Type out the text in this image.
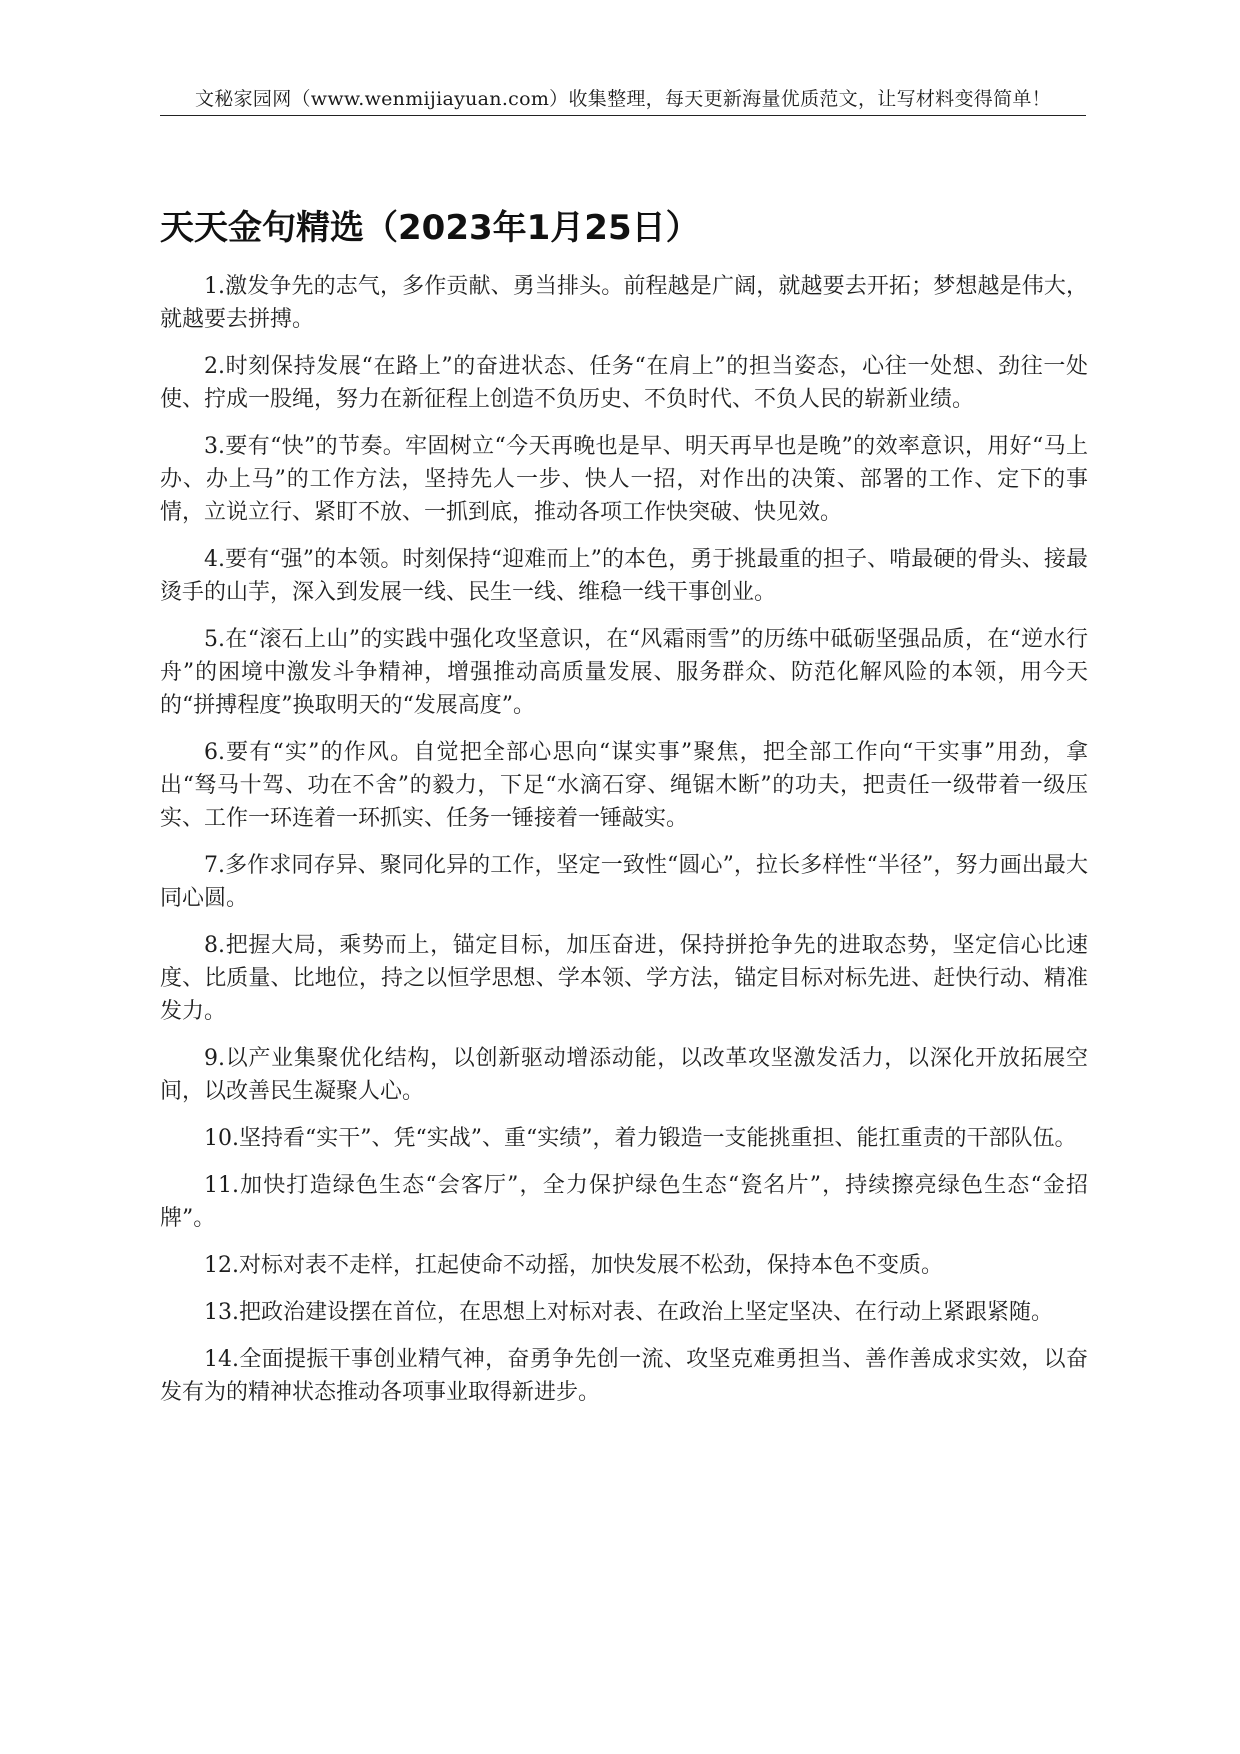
文秘家园网（www.wenmijiayuan.com）收集整理，每天更新海量优质范文，让写材料变得简单！
天天金句精选（2023年1月25日）

1.激发争先的志气，多作贡献、勇当排头。前程越是广阔，就越要去开拓；梦想越是伟大，就越要去拼搏。

2.时刻保持发展“在路上”的奋进状态、任务“在肩上”的担当姿态，心往一处想、劲往一处使、拧成一股绳，努力在新征程上创造不负历史、不负时代、不负人民的崭新业绩。

3.要有“快”的节奏。牢固树立“今天再晚也是早、明天再早也是晚”的效率意识，用好“马上办、办上马”的工作方法，坚持先人一步、快人一招，对作出的决策、部署的工作、定下的事情，立说立行、紧盯不放、一抓到底，推动各项工作快突破、快见效。

4.要有“强”的本领。时刻保持“迎难而上”的本色，勇于挑最重的担子、啃最硬的骨头、接最烫手的山芋，深入到发展一线、民生一线、维稳一线干事创业。

5.在“滚石上山”的实践中强化攻坚意识，在“风霜雨雪”的历练中砥砺坚强品质，在“逆水行舟”的困境中激发斗争精神，增强推动高质量发展、服务群众、防范化解风险的本领，用今天的“拼搏程度”换取明天的“发展高度”。

6.要有“实”的作风。自觉把全部心思向“谋实事”聚焦，把全部工作向“干实事”用劲，拿出“驽马十驾、功在不舍”的毅力，下足“水滴石穿、绳锯木断”的功夫，把责任一级带着一级压实、工作一环连着一环抓实、任务一锤接着一锤敲实。

7.多作求同存异、聚同化异的工作，坚定一致性“圆心”，拉长多样性“半径”，努力画出最大同心圆。

8.把握大局，乘势而上，锚定目标，加压奋进，保持拼抢争先的进取态势，坚定信心比速度、比质量、比地位，持之以恒学思想、学本领、学方法，锚定目标对标先进、赶快行动、精准发力。

9.以产业集聚优化结构，以创新驱动增添动能，以改革攻坚激发活力，以深化开放拓展空间，以改善民生凝聚人心。

10.坚持看“实干”、凭“实战”、重“实绩”，着力锻造一支能挑重担、能扛重责的干部队伍。

11.加快打造绿色生态“会客厅”，全力保护绿色生态“瓷名片”，持续擦亮绿色生态“金招牌”。

12.对标对表不走样，扛起使命不动摇，加快发展不松劲，保持本色不变质。

13.把政治建设摆在首位，在思想上对标对表、在政治上坚定坚决、在行动上紧跟紧随。

14.全面提振干事创业精气神，奋勇争先创一流、攻坚克难勇担当、善作善成求实效，以奋发有为的精神状态推动各项事业取得新进步。
